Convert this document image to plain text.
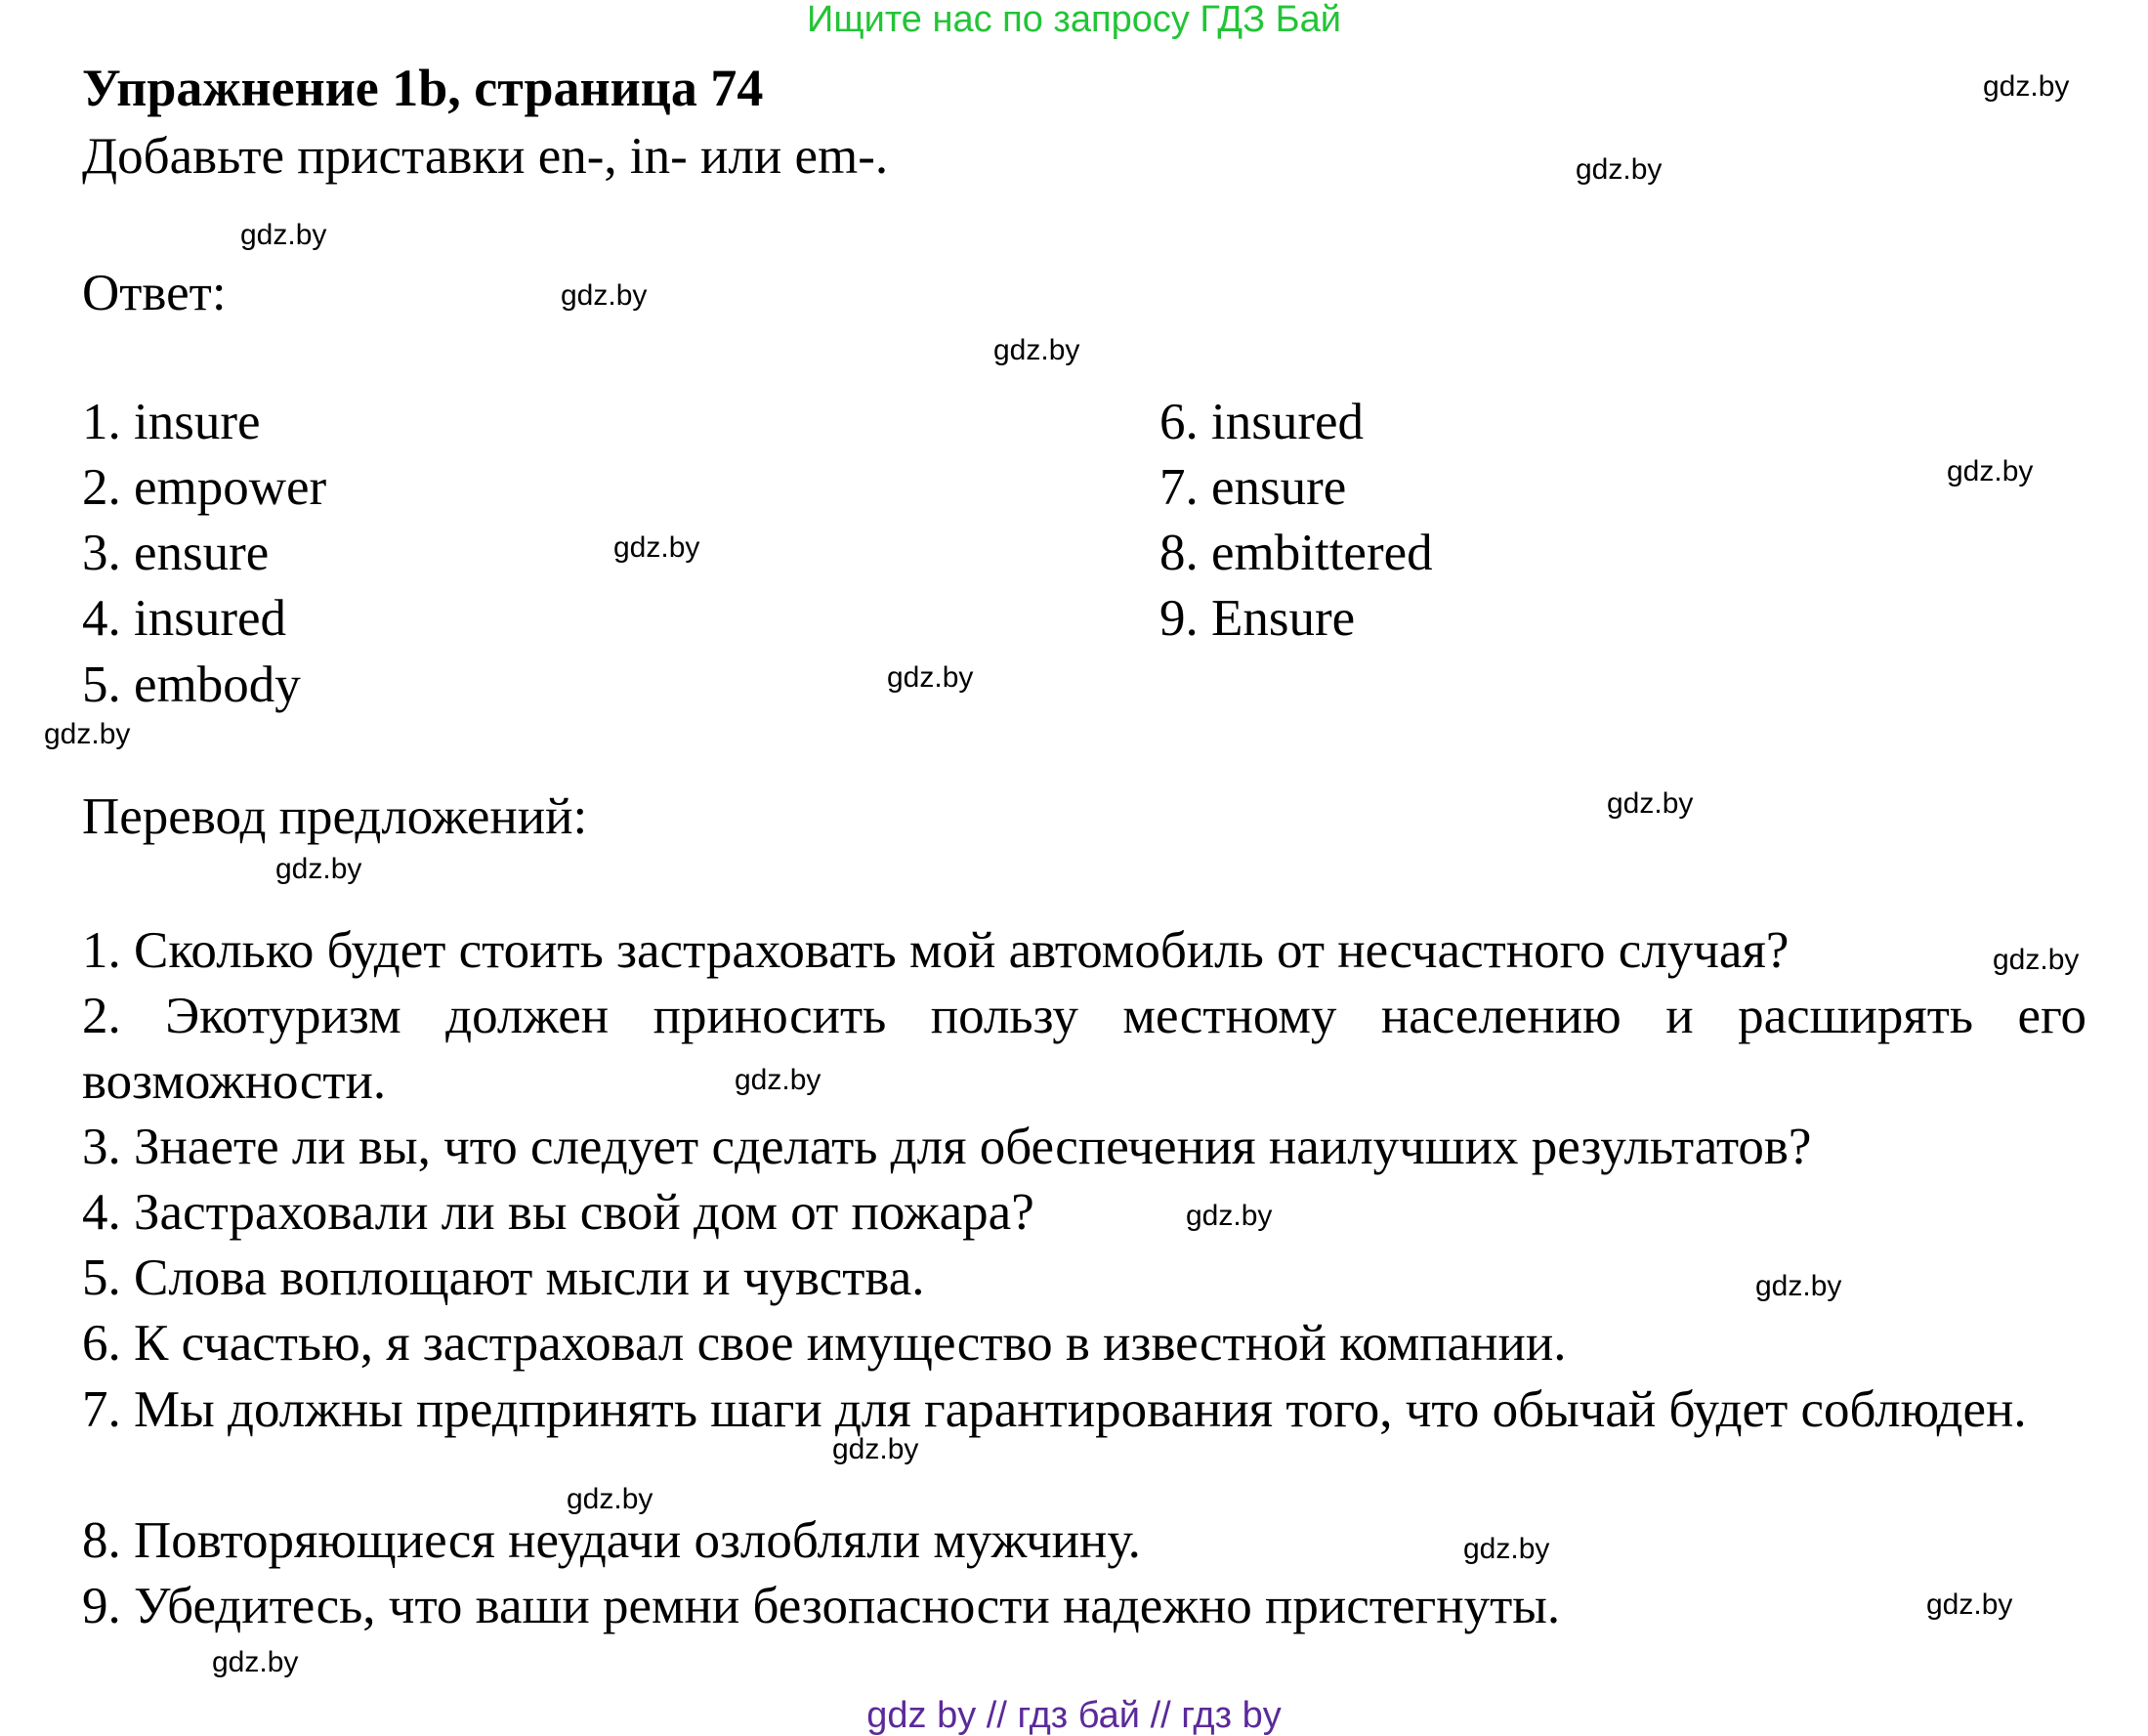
Ищите нас по запросу ГДЗ Бай
Упражнение 1b, страница 74
Добавьте приставки en-, in- или em-.
Ответ:
1. insure
2. empower
3. ensure
4. insured
5. embody
6. insured
7. ensure
8. embittered
9. Ensure
Перевод предложений:
1. Сколько будет стоить застраховать мой автомобиль от несчастного случая?
2. Экотуризм должен приносить пользу местному населению и расширять его возможности.
3. Знаете ли вы, что следует сделать для обеспечения наилучших результатов?
4. Застраховали ли вы свой дом от пожара?
5. Слова воплощают мысли и чувства.
6. К счастью, я застраховал свое имущество в известной компании.
7. Мы должны предпринять шаги для гарантирования того, что обычай будет соблюден.
8. Повторяющиеся неудачи озлобляли мужчину.
9. Убедитесь, что ваши ремни безопасности надежно пристегнуты.
gdz.by
gdz.by
gdz.by
gdz.by
gdz.by
gdz.by
gdz.by
gdz.by
gdz.by
gdz.by
gdz.by
gdz.by
gdz.by
gdz.by
gdz.by
gdz.by
gdz.by
gdz.by
gdz.by
gdz.by
gdz by // гдз бай // гдз by
